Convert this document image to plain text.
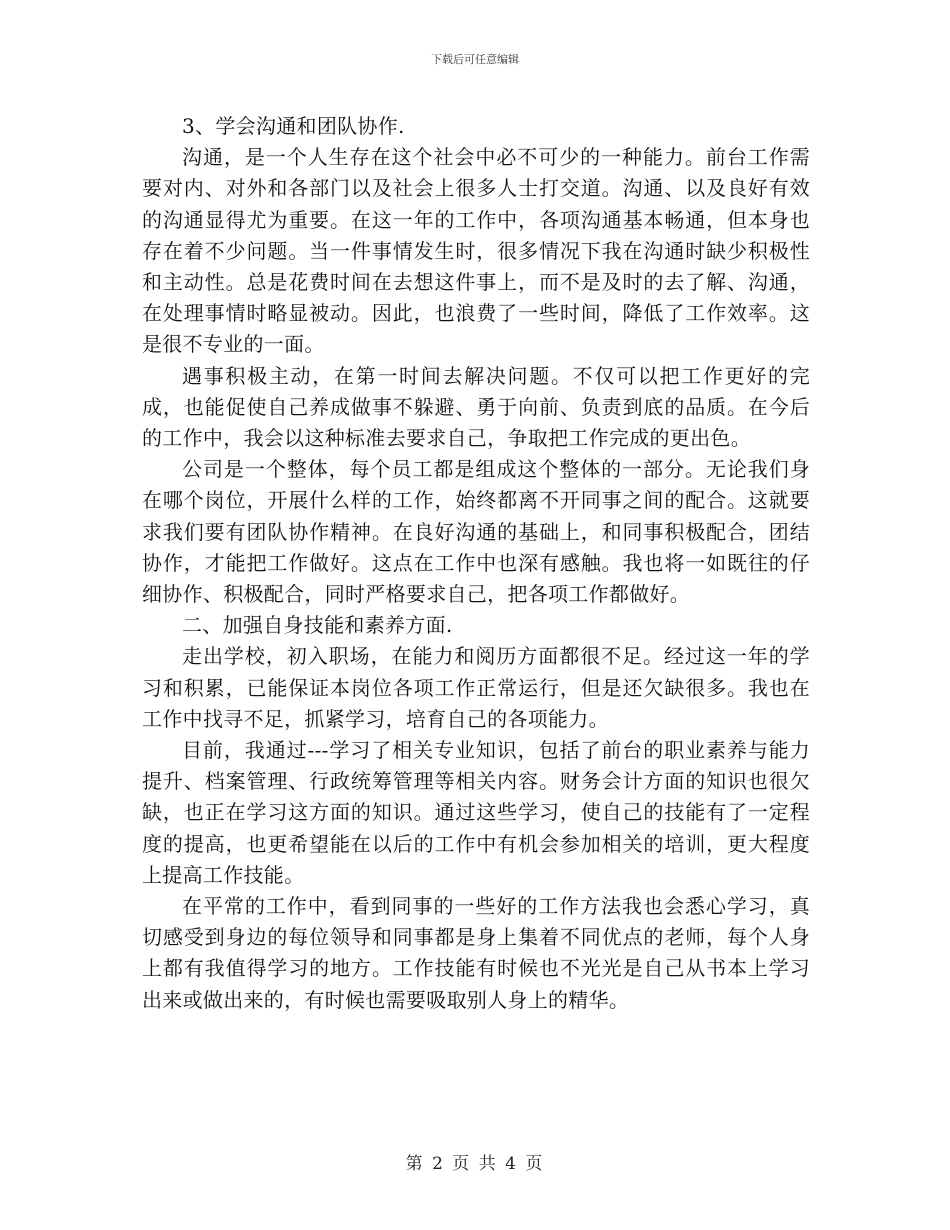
下载后可任意编辑

3、学会沟通和团队协作.

沟通，是一个人生存在这个社会中必不可少的一种能力。前台工作需要对内、对外和各部门以及社会上很多人士打交道。沟通、以及良好有效的沟通显得尤为重要。在这一年的工作中，各项沟通基本畅通，但本身也存在着不少问题。当一件事情发生时，很多情况下我在沟通时缺少积极性和主动性。总是花费时间在去想这件事上，而不是及时的去了解、沟通，在处理事情时略显被动。因此，也浪费了一些时间，降低了工作效率。这是很不专业的一面。

遇事积极主动，在第一时间去解决问题。不仅可以把工作更好的完成，也能促使自己养成做事不躲避、勇于向前、负责到底的品质。在今后的工作中，我会以这种标准去要求自己，争取把工作完成的更出色。

公司是一个整体，每个员工都是组成这个整体的一部分。无论我们身在哪个岗位，开展什么样的工作，始终都离不开同事之间的配合。这就要求我们要有团队协作精神。在良好沟通的基础上，和同事积极配合，团结协作，才能把工作做好。这点在工作中也深有感触。我也将一如既往的仔细协作、积极配合，同时严格要求自己，把各项工作都做好。

二、加强自身技能和素养方面.

走出学校，初入职场，在能力和阅历方面都很不足。经过这一年的学习和积累，已能保证本岗位各项工作正常运行，但是还欠缺很多。我也在工作中找寻不足，抓紧学习，培育自己的各项能力。

目前，我通过---学习了相关专业知识，包括了前台的职业素养与能力提升、档案管理、行政统筹管理等相关内容。财务会计方面的知识也很欠缺，也正在学习这方面的知识。通过这些学习，使自己的技能有了一定程度的提高，也更希望能在以后的工作中有机会参加相关的培训，更大程度上提高工作技能。

在平常的工作中，看到同事的一些好的工作方法我也会悉心学习，真切感受到身边的每位领导和同事都是身上集着不同优点的老师，每个人身上都有我值得学习的地方。工作技能有时候也不光光是自己从书本上学习出来或做出来的，有时候也需要吸取别人身上的精华。

第 2 页 共 4 页
